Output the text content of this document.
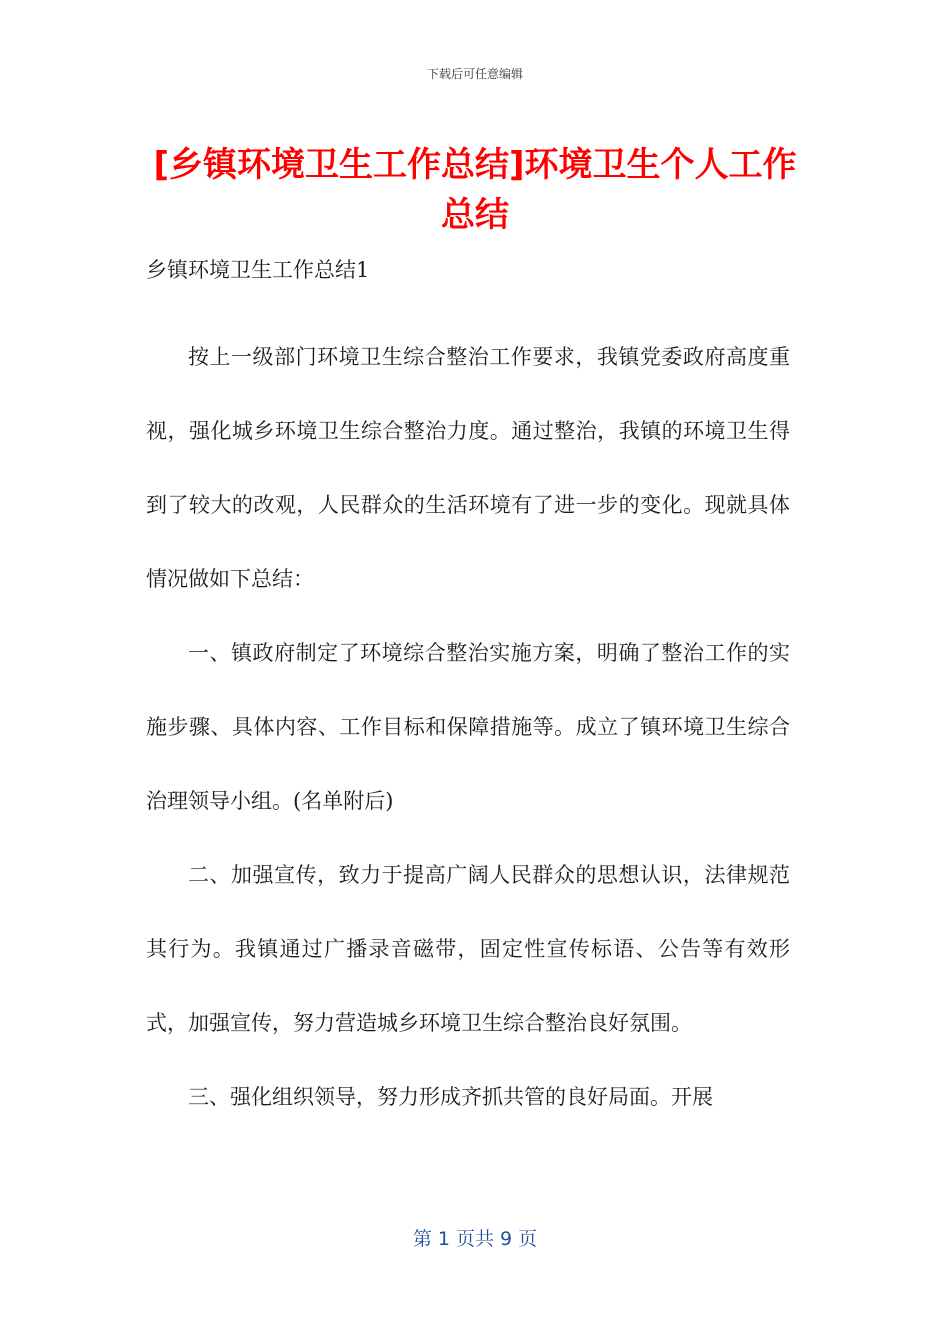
下载后可任意编辑
[乡镇环境卫生工作总结]环境卫生个人工作总结

乡镇环境卫生工作总结1

按上一级部门环境卫生综合整治工作要求，我镇党委政府高度重视，强化城乡环境卫生综合整治力度。通过整治，我镇的环境卫生得到了较大的改观，人民群众的生活环境有了进一步的变化。现就具体情况做如下总结：

一、镇政府制定了环境综合整治实施方案，明确了整治工作的实施步骤、具体内容、工作目标和保障措施等。成立了镇环境卫生综合治理领导小组。(名单附后)

二、加强宣传，致力于提高广阔人民群众的思想认识，法律规范其行为。我镇通过广播录音磁带，固定性宣传标语、公告等有效形式，加强宣传，努力营造城乡环境卫生综合整治良好氛围。

三、强化组织领导，努力形成齐抓共管的良好局面。开展

第 1 页共 9 页
